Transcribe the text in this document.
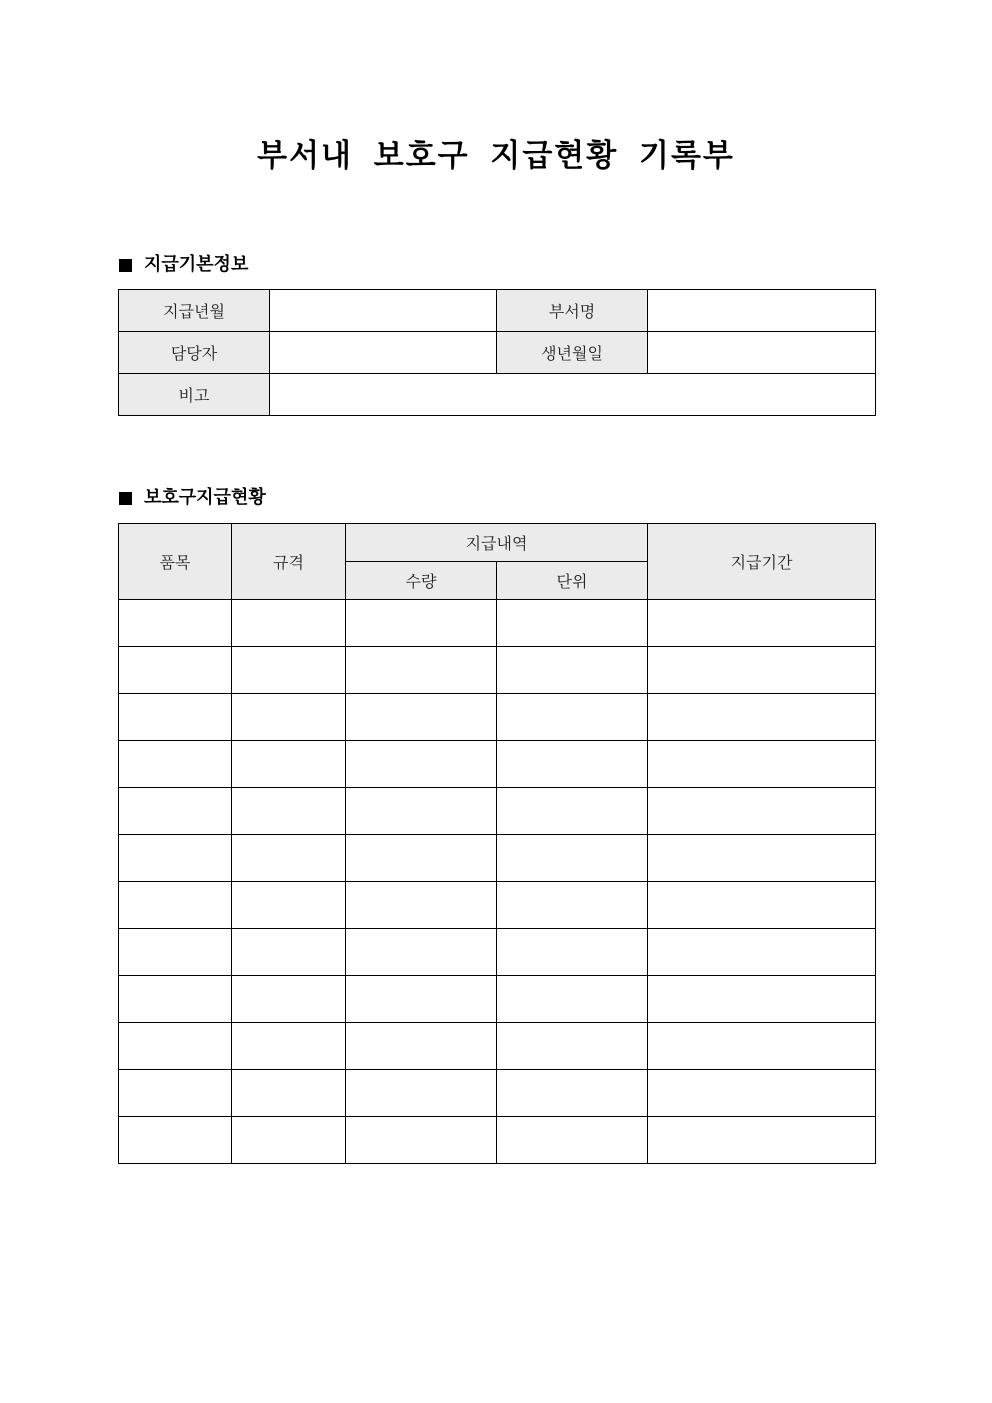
부서내 보호구 지급현황 기록부
지급기본정보
지급년월		부서명	
담당자		생년월일	
비고			
보호구지급현황
품목	규격	지급내역		지급기간
		수량	단위	
